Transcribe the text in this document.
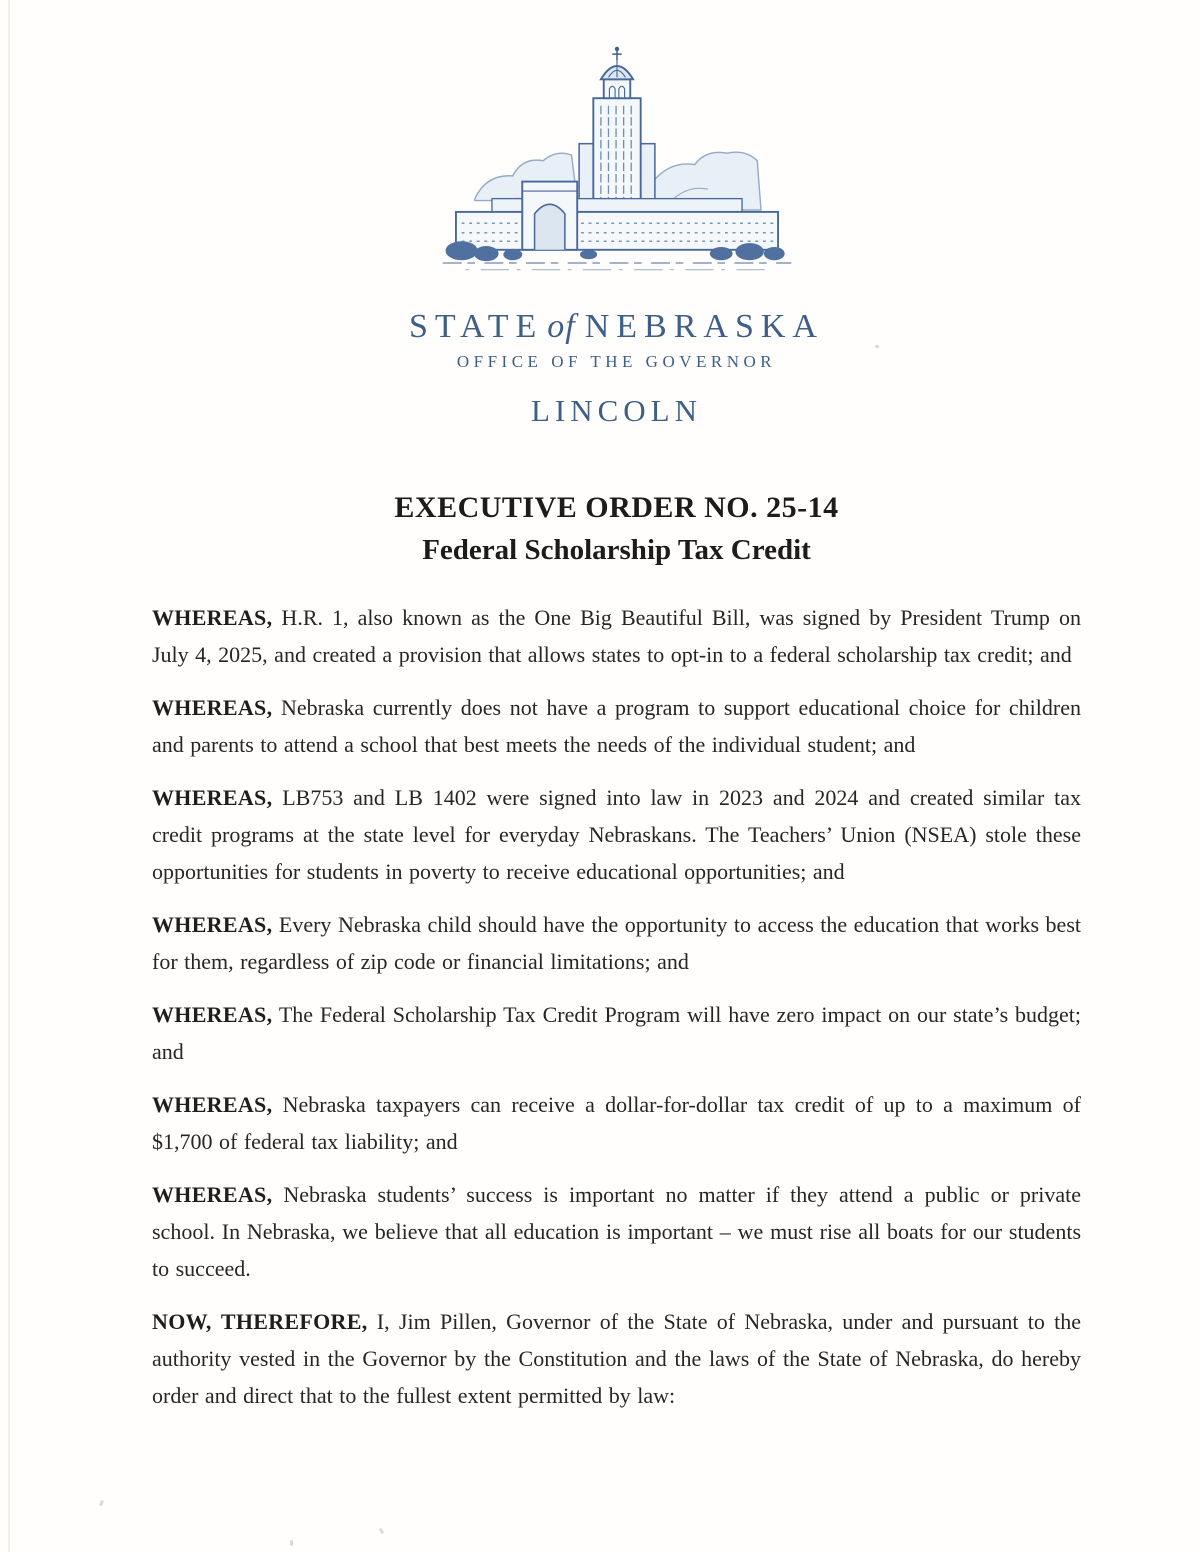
STATE of NEBRASKA
OFFICE OF THE GOVERNOR
LINCOLN
EXECUTIVE ORDER NO. 25-14
Federal Scholarship Tax Credit

WHEREAS, H.R. 1, also known as the One Big Beautiful Bill, was signed by President Trump on July 4, 2025, and created a provision that allows states to opt-in to a federal scholarship tax credit; and

WHEREAS, Nebraska currently does not have a program to support educational choice for children and parents to attend a school that best meets the needs of the individual student; and

WHEREAS, LB753 and LB 1402 were signed into law in 2023 and 2024 and created similar tax credit programs at the state level for everyday Nebraskans. The Teachers’ Union (NSEA) stole these opportunities for students in poverty to receive educational opportunities; and

WHEREAS, Every Nebraska child should have the opportunity to access the education that works best for them, regardless of zip code or financial limitations; and

WHEREAS, The Federal Scholarship Tax Credit Program will have zero impact on our state’s budget; and

WHEREAS, Nebraska taxpayers can receive a dollar-for-dollar tax credit of up to a maximum of $1,700 of federal tax liability; and

WHEREAS, Nebraska students’ success is important no matter if they attend a public or private school. In Nebraska, we believe that all education is important – we must rise all boats for our students to succeed.

NOW, THEREFORE, I, Jim Pillen, Governor of the State of Nebraska, under and pursuant to the authority vested in the Governor by the Constitution and the laws of the State of Nebraska, do hereby order and direct that to the fullest extent permitted by law:
